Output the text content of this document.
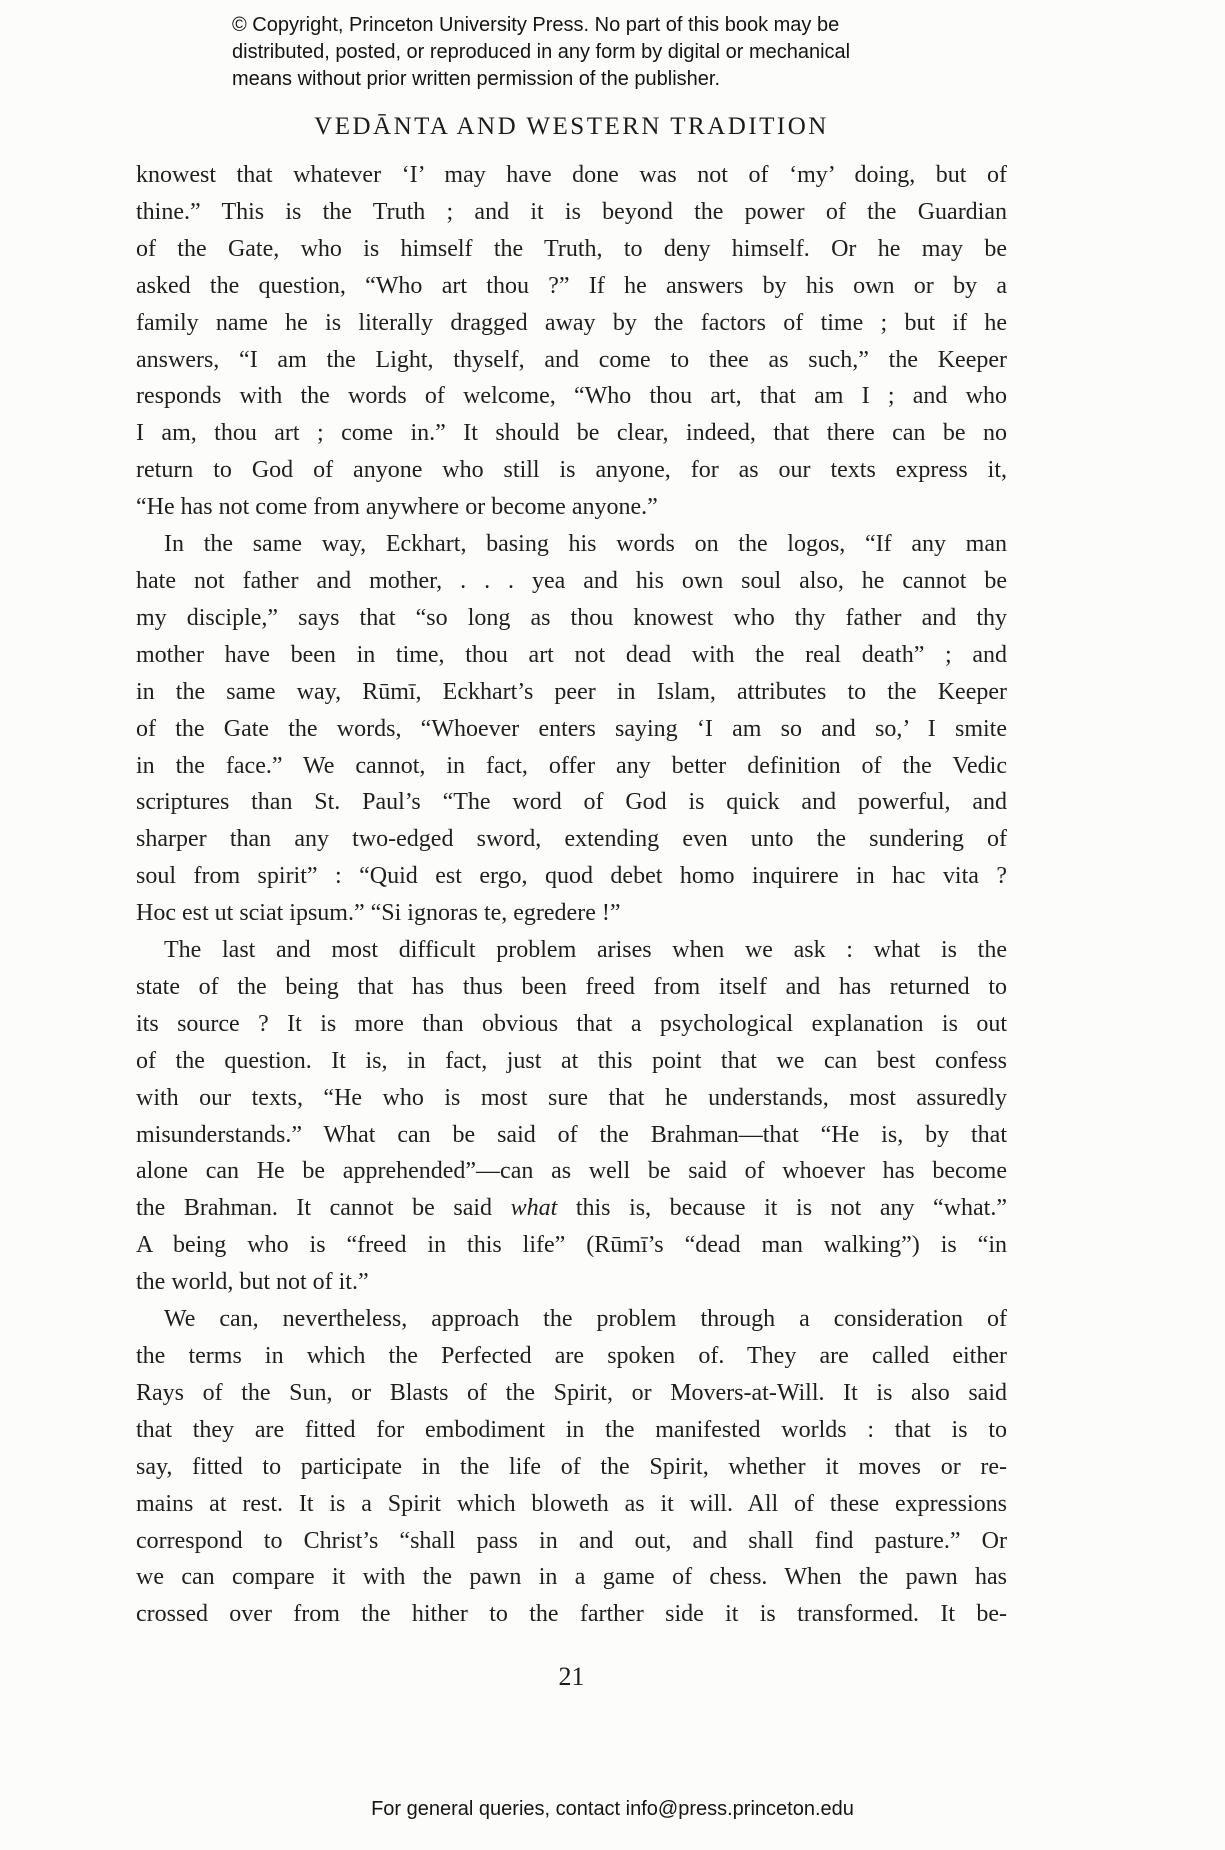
© Copyright, Princeton University Press. No part of this book may be
distributed, posted, or reproduced in any form by digital or mechanical
means without prior written permission of the publisher.
VEDĀNTA AND WESTERN TRADITION
knowest that whatever ‘I’ may have done was not of ‘my’ doing, but of
thine.” This is the Truth ; and it is beyond the power of the Guardian
of the Gate, who is himself the Truth, to deny himself. Or he may be
asked the question, “Who art thou ?” If he answers by his own or by a
family name he is literally dragged away by the factors of time ; but if he
answers, “I am the Light, thyself, and come to thee as such,” the Keeper
responds with the words of welcome, “Who thou art, that am I ; and who
I am, thou art ; come in.” It should be clear, indeed, that there can be no
return to God of anyone who still is anyone, for as our texts express it,
“He has not come from anywhere or become anyone.”
In the same way, Eckhart, basing his words on the logos, “If any man
hate not father and mother, . . . yea and his own soul also, he cannot be
my disciple,” says that “so long as thou knowest who thy father and thy
mother have been in time, thou art not dead with the real death” ; and
in the same way, Rūmī, Eckhart’s peer in Islam, attributes to the Keeper
of the Gate the words, “Whoever enters saying ‘I am so and so,’ I smite
in the face.” We cannot, in fact, offer any better definition of the Vedic
scriptures than St. Paul’s “The word of God is quick and powerful, and
sharper than any two-edged sword, extending even unto the sundering of
soul from spirit” : “Quid est ergo, quod debet homo inquirere in hac vita ?
Hoc est ut sciat ipsum.” “Si ignoras te, egredere !”
The last and most difficult problem arises when we ask : what is the
state of the being that has thus been freed from itself and has returned to
its source ? It is more than obvious that a psychological explanation is out
of the question. It is, in fact, just at this point that we can best confess
with our texts, “He who is most sure that he understands, most assuredly
misunderstands.” What can be said of the Brahman—that “He is, by that
alone can He be apprehended”—can as well be said of whoever has become
the Brahman. It cannot be said what this is, because it is not any “what.”
A being who is “freed in this life” (Rūmī’s “dead man walking”) is “in
the world, but not of it.”
We can, nevertheless, approach the problem through a consideration of
the terms in which the Perfected are spoken of. They are called either
Rays of the Sun, or Blasts of the Spirit, or Movers-at-Will. It is also said
that they are fitted for embodiment in the manifested worlds : that is to
say, fitted to participate in the life of the Spirit, whether it moves or re-
mains at rest. It is a Spirit which bloweth as it will. All of these expressions
correspond to Christ’s “shall pass in and out, and shall find pasture.” Or
we can compare it with the pawn in a game of chess. When the pawn has
crossed over from the hither to the farther side it is transformed. It be-
21
For general queries, contact info@press.princeton.edu
